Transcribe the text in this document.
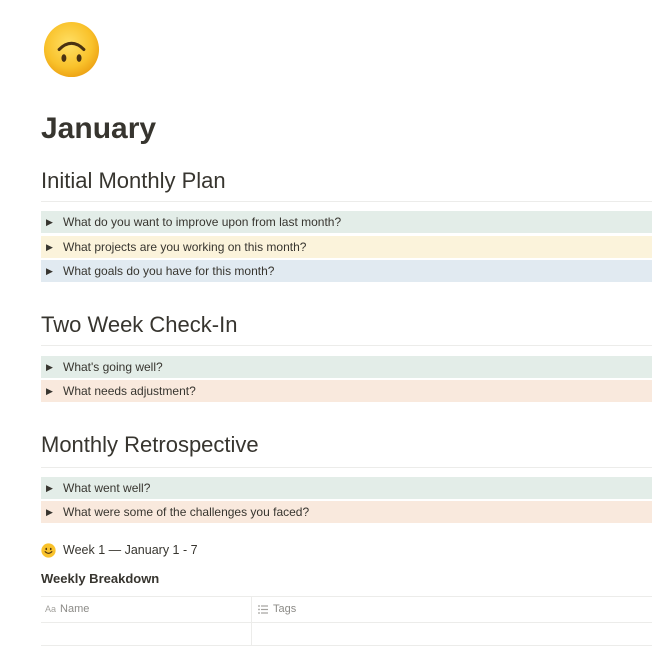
January
Initial Monthly Plan
▶ What do you want to improve upon from last month?
▶ What projects are you working on this month?
▶ What goals do you have for this month?
Two Week Check-In
▶ What's going well?
▶ What needs adjustment?
Monthly Retrospective
▶ What went well?
▶ What were some of the challenges you faced?
Week 1 — January 1 - 7
Weekly Breakdown
Aa Name	Tags
